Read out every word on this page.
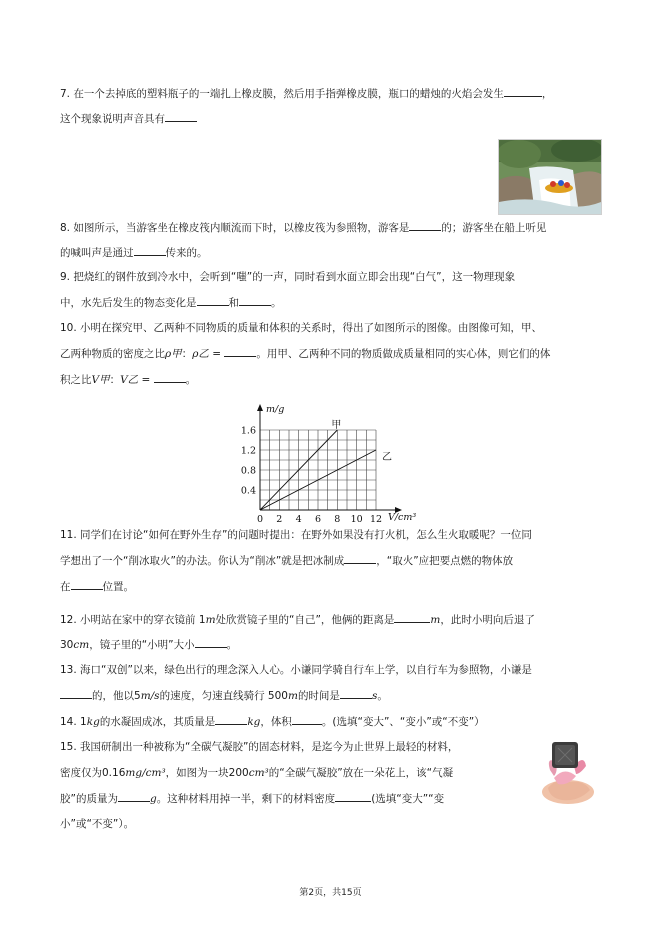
7. 在一个去掉底的塑料瓶子的一端扎上橡皮膜，然后用手指弹橡皮膜，瓶口的蜡烛的火焰会发生	，
这个现象说明声音具有
8. 如图所示，当游客坐在橡皮筏内顺流而下时，以橡皮筏为参照物，游客是	的；游客坐在船上听见
的喊叫声是通过	传来的。
9. 把烧红的钢件放到冷水中，会听到“嗤”的一声，同时看到水面立即会出现“白气”，这一物理现象
中，水先后发生的物态变化是	和	。
10. 小明在探究甲、乙两种不同物质的质量和体积的关系时，得出了如图所示的图像。由图像可知，甲、
乙两种物质的密度之比ρ甲：ρ乙 =	。用甲、乙两种不同的物质做成质量相同的实心体，则它们的体
积之比V甲：V乙 =	。
甲
乙
0 2 4 6 8 10 12
0.4
0.8
1.2
1.6
m/g
V/cm³
11. 同学们在讨论“如何在野外生存”的问题时提出：在野外如果没有打火机，怎么生火取暖呢？一位同
学想出了一个“削冰取火”的办法。你认为“削冰”就是把冰制成	，“取火”应把要点燃的物体放
在	位置。
12. 小明站在家中的穿衣镜前 1m处欣赏镜子里的“自己”，他俩的距离是	m，此时小明向后退了
30cm，镜子里的“小明”大小	。
13. 海口“双创”以来，绿色出行的理念深入人心。小谦同学骑自行车上学，以自行车为参照物，小谦是
的，他以5m/s的速度，匀速直线骑行 500m的时间是	s。
14. 1kg的水凝固成冰，其质量是	kg，体积	。(选填“变大”、“变小”或“不变”）
15. 我国研制出一种被称为“全碳气凝胶”的固态材料，是迄今为止世界上最轻的材料，
密度仅为0.16mg/cm³，如图为一块200cm³的“全碳气凝胶”放在一朵花上，该“气凝
胶”的质量为	g。这种材料用掉一半，剩下的材料密度	(选填“变大”“变
小”或“不变”）。
第2页，共15页
